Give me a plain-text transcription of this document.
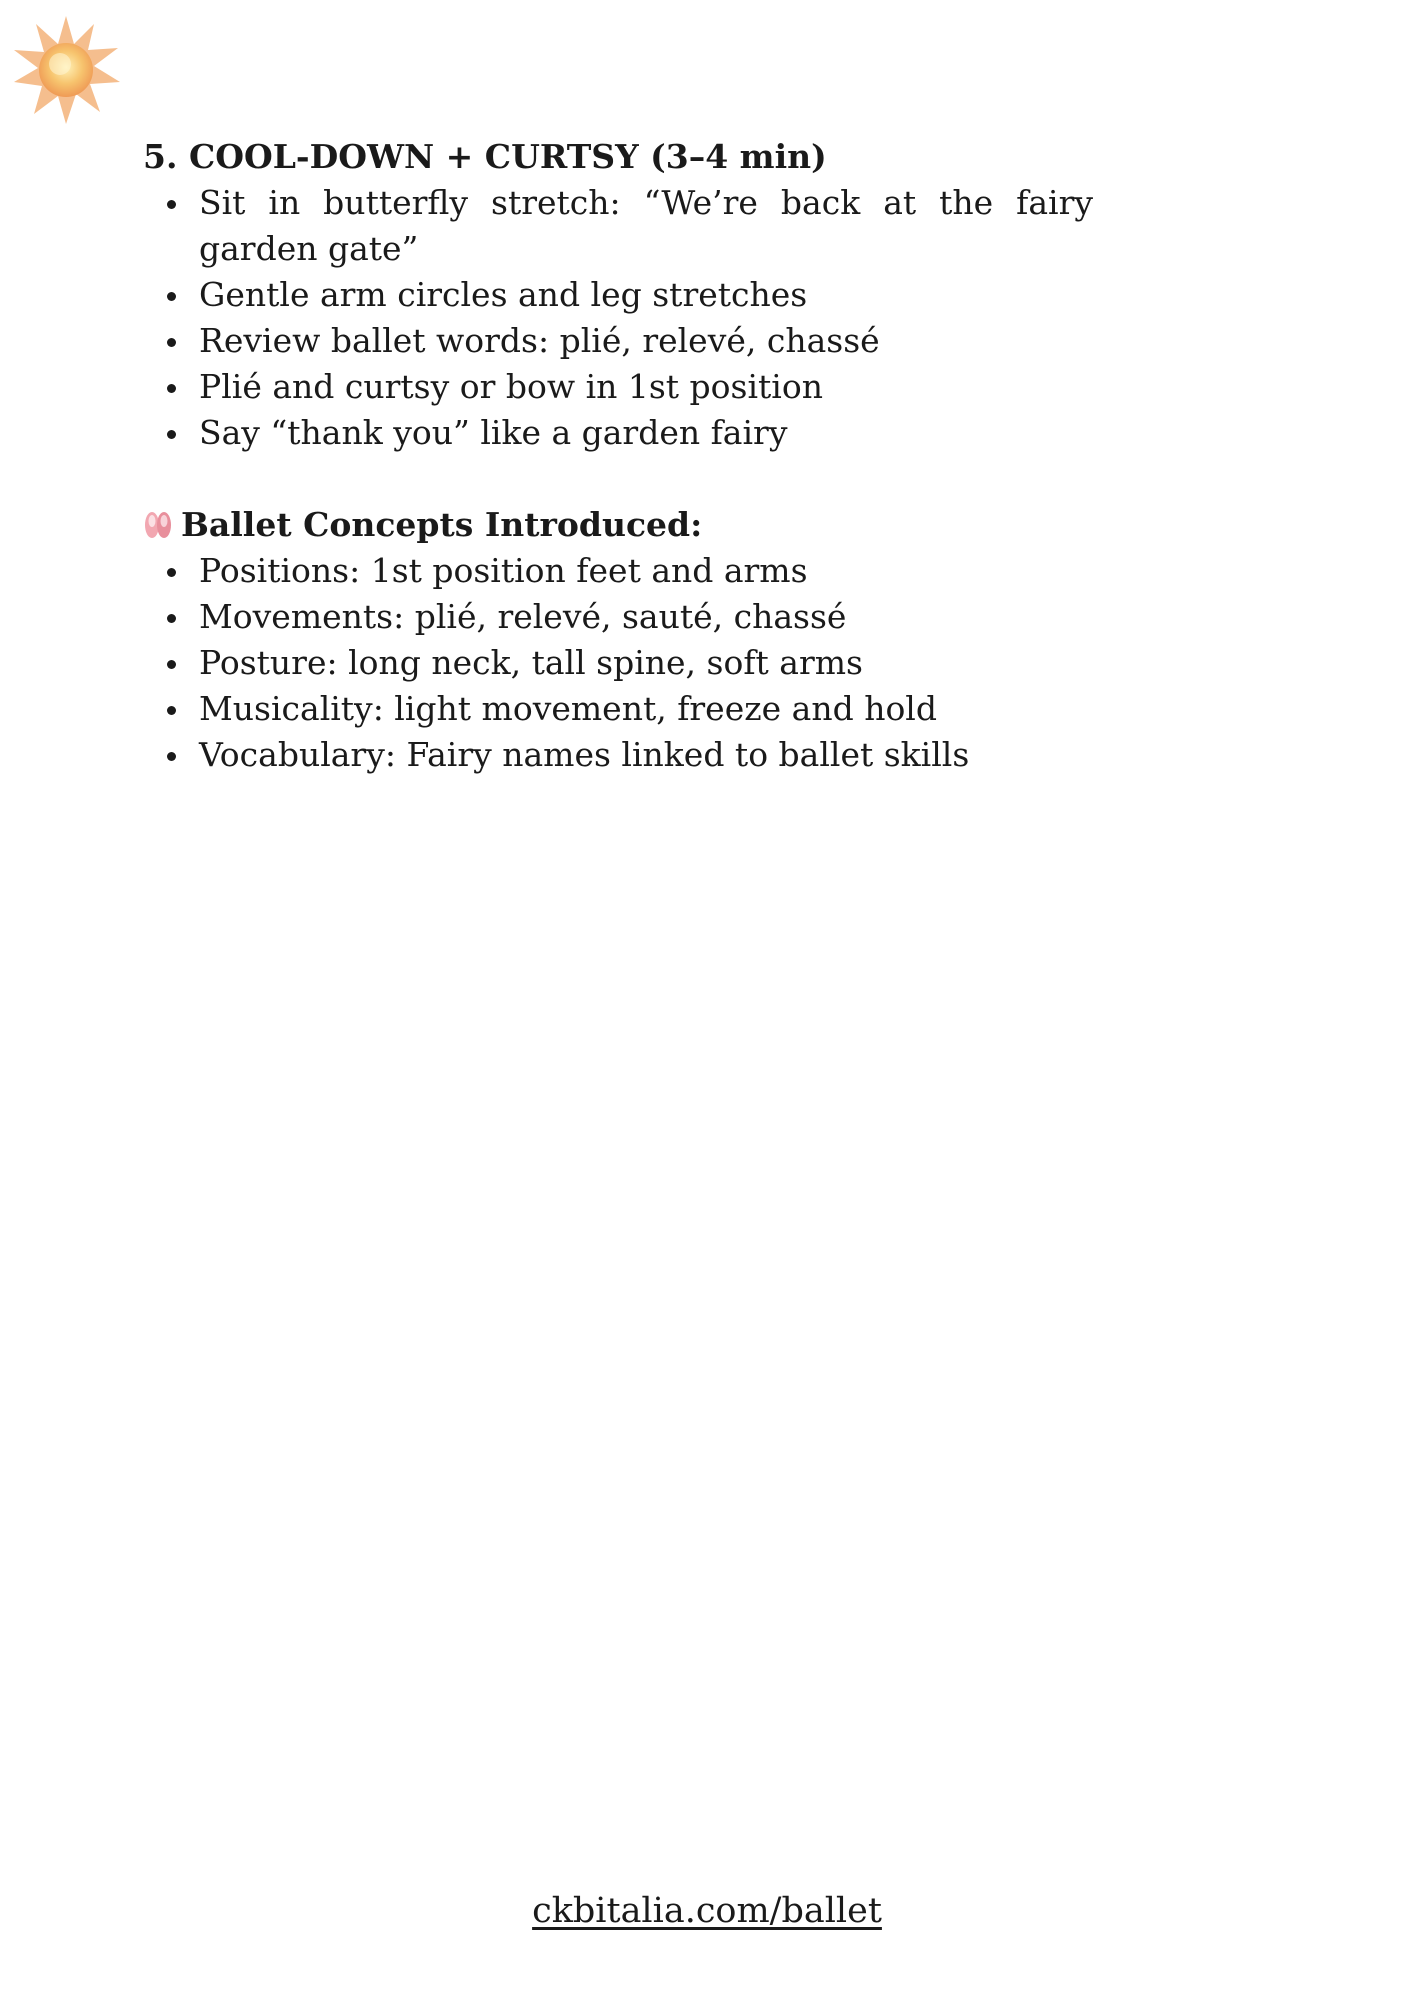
5. COOL-DOWN + CURTSY (3–4 min)
Sit in butterfly stretch: “We’re back at the fairy garden gate”
Gentle arm circles and leg stretches
Review ballet words: plié, relevé, chassé
Plié and curtsy or bow in 1st position
Say “thank you” like a garden fairy
Ballet Concepts Introduced:
Positions: 1st position feet and arms
Movements: plié, relevé, sauté, chassé
Posture: long neck, tall spine, soft arms
Musicality: light movement, freeze and hold
Vocabulary: Fairy names linked to ballet skills
ckbitalia.com/ballet
